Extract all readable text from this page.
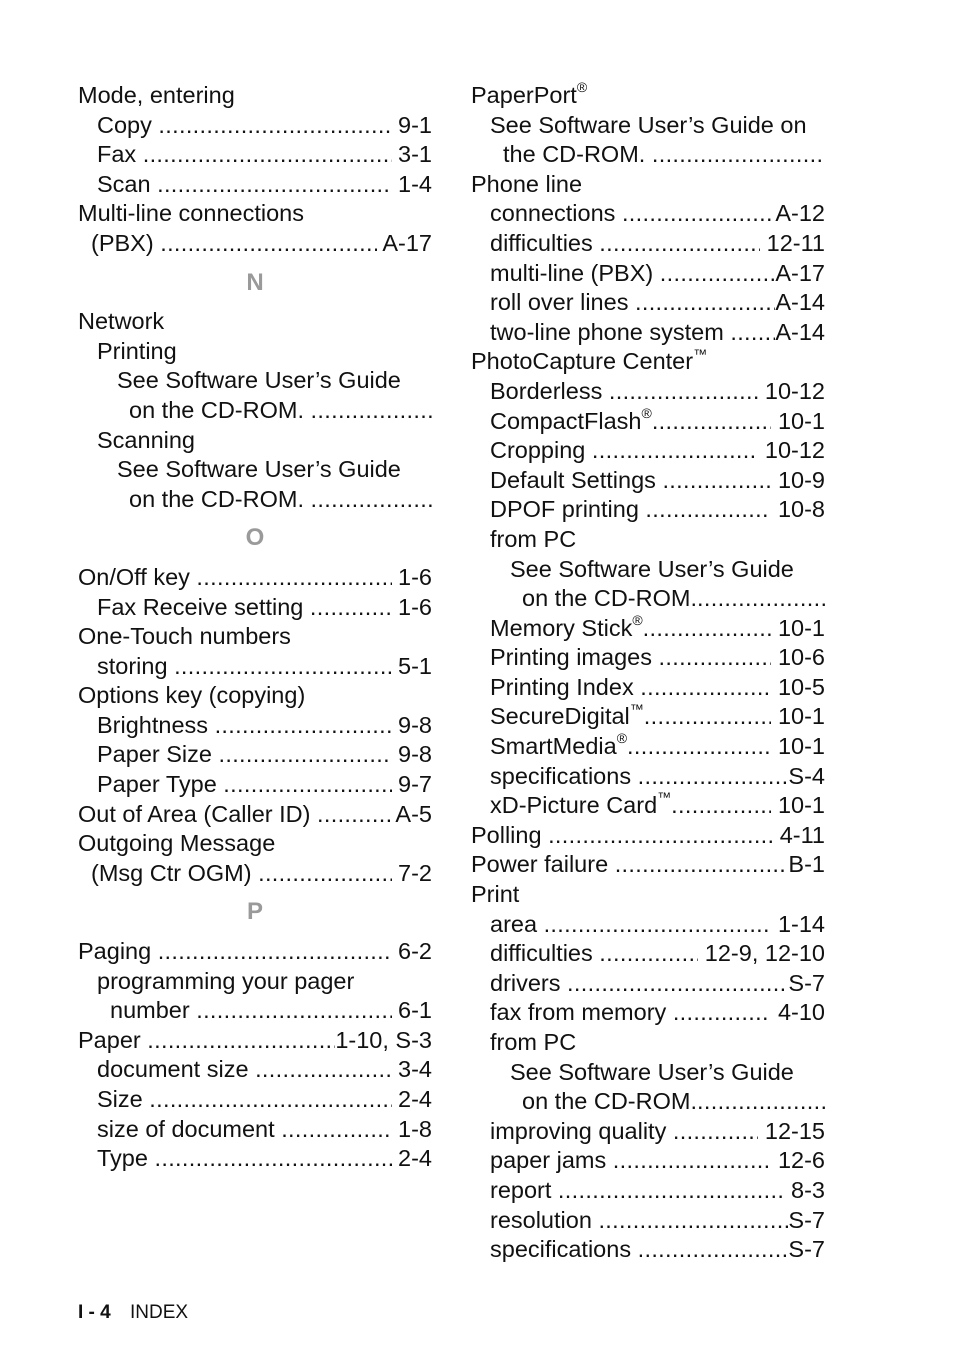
Mode, entering
Copy . . .	9-1
Fax . . .	3-1
Scan . . .	1-4
Multi-line connections
(PBX) . . .	A-17
N
Network
Printing
See Software User’s Guide
on the CD-ROM.
. . .
Scanning
See Software User’s Guide
on the CD-ROM.
. . .
O
On/Off key . . .	1-6
Fax Receive setting . . .	1-6
One-Touch numbers
storing . . .	5-1
Options key (copying)
Brightness . . .	9-8
Paper Size . . .	9-8
Paper Type . . .	9-7
Out of Area (Caller ID) . . .	A-5
Outgoing Message
(Msg Ctr OGM) . . .	7-2
P
Paging . . .	6-2
programming your pager
number . . .	6-1
Paper . . .	1-10, S-3
document size . . .	3-4
Size . . .	2-4
size of document . . .	1-8
Type . . .	2-4
PaperPort®
See Software User’s Guide on
the CD-ROM.
. . .
Phone line
connections . . .	A-12
difficulties . . .	12-11
multi-line (PBX) . . .	A-17
roll over lines . . .	A-14
two-line phone system . . . A-14
PhotoCapture Center™
Borderless . . .	10-12
CompactFlash® . . .	10-1
Cropping . . .	10-12
Default Settings . . .	10-9
DPOF printing . . .	10-8
from PC
See Software User’s Guide
on the CD-ROM.
. . .
Memory Stick® . . .	10-1
Printing images . . .	10-6
Printing Index . . .	10-5
SecureDigital™ . . .	10-1
SmartMedia® . . .	10-1
specifications . . .	S-4
xD-Picture Card™ . . .	10-1
Polling . . .	4-11
Power failure . . .	B-1
Print
area . . .	1-14
difficulties . . .	12-9, 12-10
drivers . . .	S-7
fax from memory . . .	4-10
from PC
See Software User’s Guide
on the CD-ROM.
. . .
improving quality . . .	12-15
paper jams . . .	12-6
report . . .	8-3
resolution . . .	S-7
specifications . . .	S-7
I - 4 INDEX
